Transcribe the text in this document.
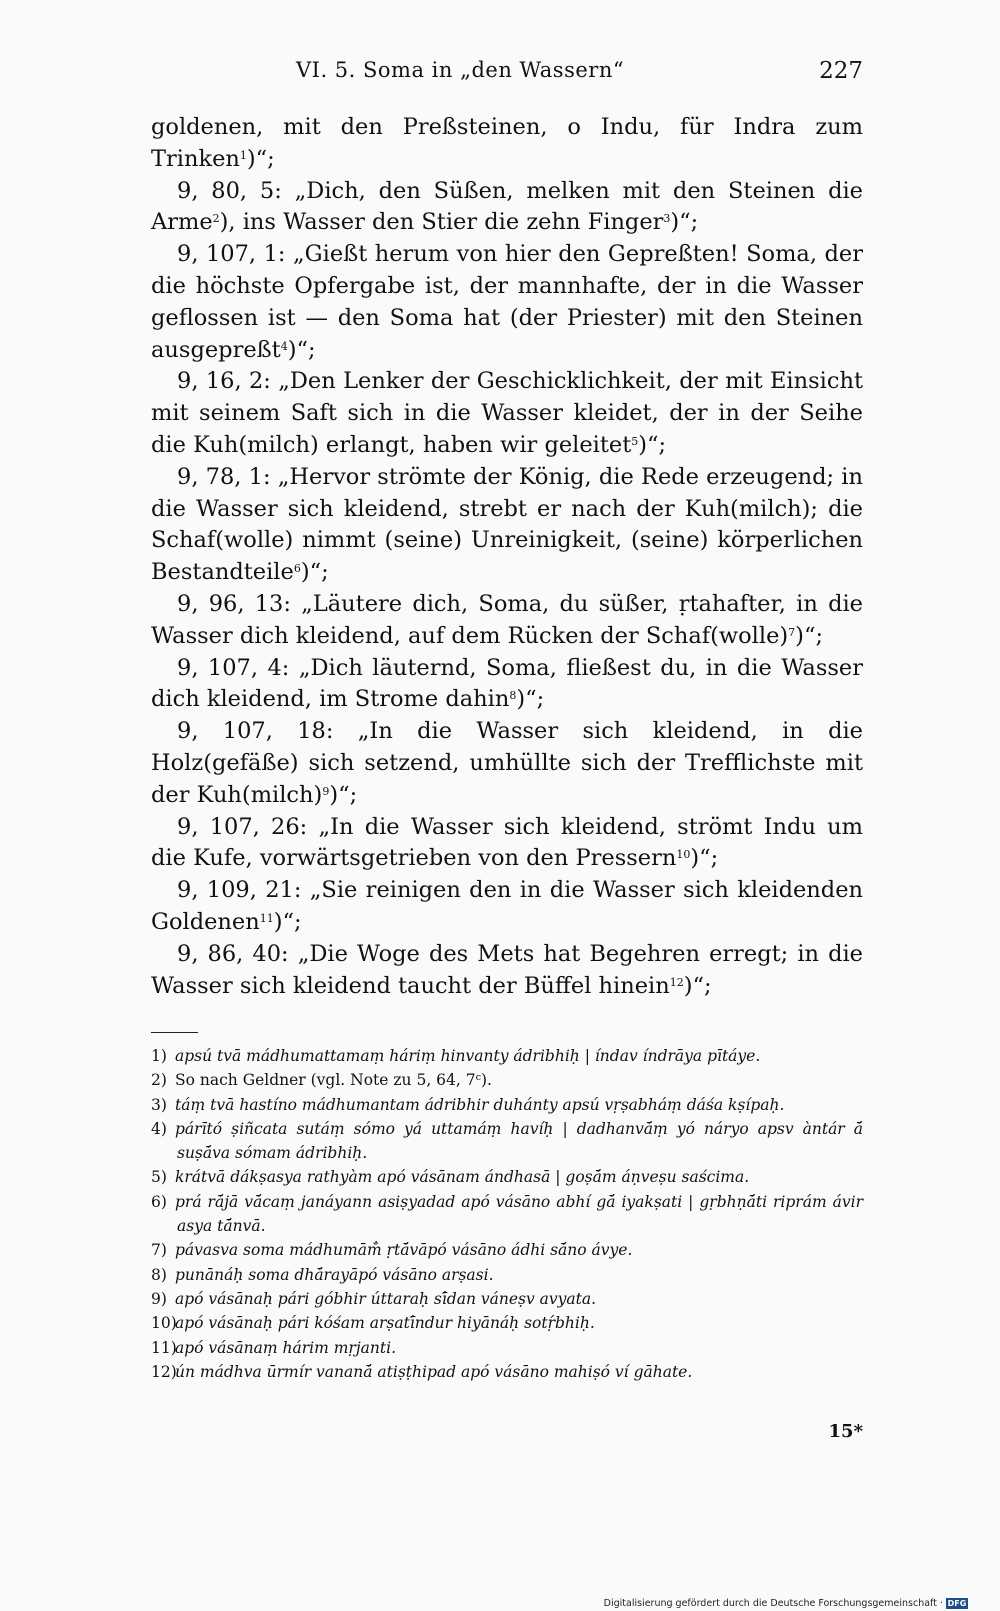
VI. 5. Soma in „den Wassern“	227

goldenen, mit den Preßsteinen, o Indu, für Indra zum Trinken$^1$)“;

9, 80, 5: „Dich, den Süßen, melken mit den Steinen die Arme$^2$), ins Wasser den Stier die zehn Finger$^3$)“;

9, 107, 1: „Gießt herum von hier den Gepreßten! Soma, der die höchste Opfergabe ist, der mannhafte, der in die Wasser geflossen ist — den Soma hat (der Priester) mit den Steinen ausgepreßt$^4$)“;

9, 16, 2: „Den Lenker der Geschicklichkeit, der mit Einsicht mit seinem Saft sich in die Wasser kleidet, der in der Seihe die Kuh(milch) erlangt, haben wir geleitet$^5$)“;

9, 78, 1: „Hervor strömte der König, die Rede erzeugend; in die Wasser sich kleidend, strebt er nach der Kuh(milch); die Schaf(wolle) nimmt (seine) Unreinigkeit, (seine) körperlichen Bestandteile$^6$)“;

9, 96, 13: „Läutere dich, Soma, du süßer, ṛtahafter, in die Wasser dich kleidend, auf dem Rücken der Schaf(wolle)$^7$)“;

9, 107, 4: „Dich läuternd, Soma, fließest du, in die Wasser dich kleidend, im Strome dahin$^8$)“;

9, 107, 18: „In die Wasser sich kleidend, in die Holz(gefäße) sich setzend, umhüllte sich der Trefflichste mit der Kuh(milch)$^9$)“;

9, 107, 26: „In die Wasser sich kleidend, strömt Indu um die Kufe, vorwärtsgetrieben von den Pressern$^{10}$)“;

9, 109, 21: „Sie reinigen den in die Wasser sich kleidenden Goldenen$^{11}$)“;

9, 86, 40: „Die Woge des Mets hat Begehren erregt; in die Wasser sich kleidend taucht der Büffel hinein$^{12}$)“;

1) apsú tvā mádhumattamaṃ háriṃ hinvanty ádribhiḥ | índav índrāya pītáye.

2) So nach Geldner (vgl. Note zu 5, 64, 7ᶜ).

3) táṃ tvā hastíno mádhumantam ádribhir duhánty apsú vṛṣabháṃ dáśa kṣípaḥ.

4) párītó ṣiñcata sutáṃ sómo yá uttamáṃ havíḥ | dadhanvā́ṃ yó náryo apsv àntár ā́ suṣā́va sómam ádribhiḥ.

5) krátvā dákṣasya rathyàm apó vásānam ándhasā | goṣā́m áṇveṣu saścima.

6) prá rā́jā vā́caṃ janáyann asiṣyadad apó vásāno abhí gā́ iyakṣati | gṛbhṇā́ti riprám ávir asya tā́nvā.

7) pávasva soma mádhumām̐ ṛtā́vāpó vásāno ádhi sā́no ávye.

8) punānáḥ soma dhā́rayāpó vásāno arṣasi.

9) apó vásānaḥ pári góbhir úttaraḥ sī́dan váneṣv avyata.

10)apó vásānaḥ pári kóśam arṣatī́ndur hiyānáḥ sotṛ́bhiḥ.

11)apó vásānaṃ hárim mṛjanti.

12)ún mádhva ūrmír vananā́ atiṣṭhipad apó vásāno mahiṣó ví gāhate.

15*
Digitalisierung gefördert durch die Deutsche Forschungsgemeinschaft · DFG
